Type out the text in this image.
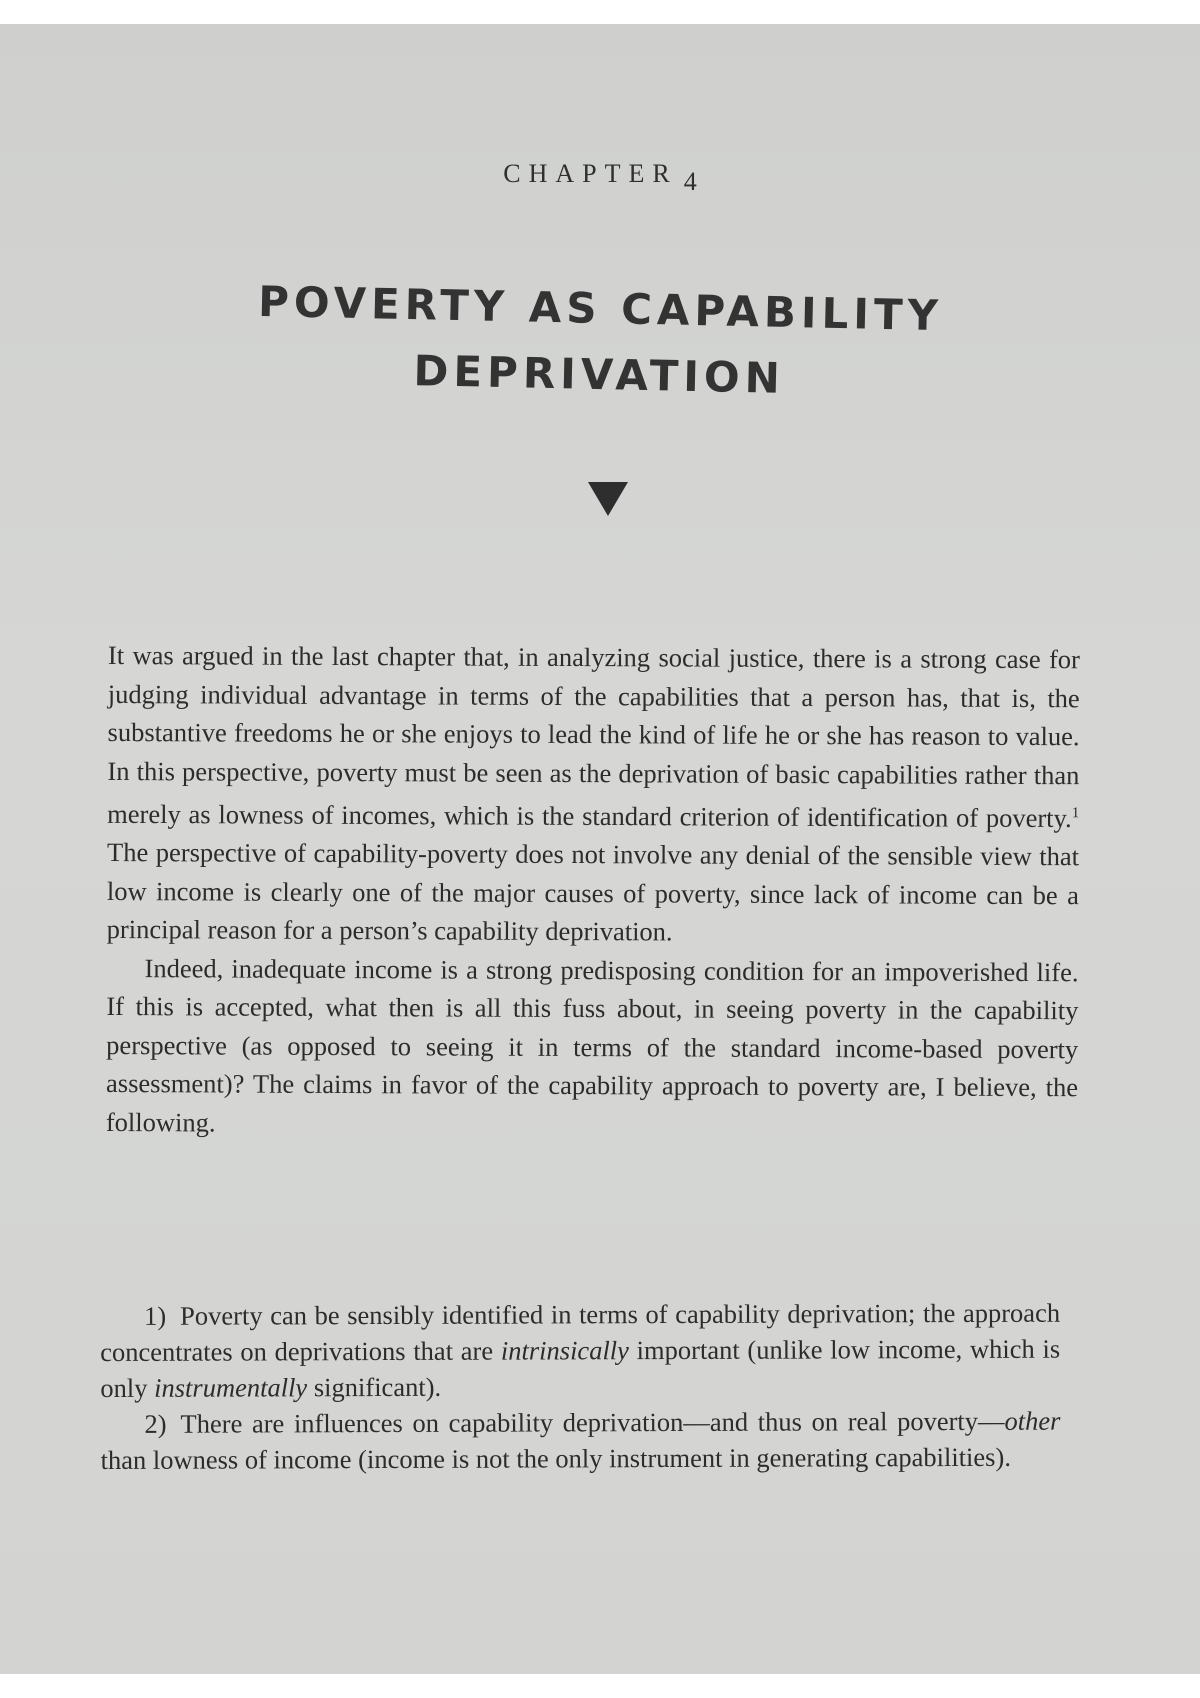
CHAPTER 4
POVERTY AS CAPABILITY
DEPRIVATION

It was argued in the last chapter that, in analyzing social justice, there is a strong case for judging individual advantage in terms of the capabilities that a person has, that is, the substantive freedoms he or she enjoys to lead the kind of life he or she has reason to value. In this perspective, poverty must be seen as the deprivation of basic capabilities rather than merely as lowness of incomes, which is the standard criterion of identification of poverty.$^1$ The perspective of capability-poverty does not involve any denial of the sensible view that low income is clearly one of the major causes of poverty, since lack of income can be a principal reason for a person’s capability deprivation.

Indeed, inadequate income is a strong predisposing condition for an impoverished life. If this is accepted, what then is all this fuss about, in seeing poverty in the capability perspective (as opposed to seeing it in terms of the standard income-based poverty assessment)? The claims in favor of the capability approach to poverty are, I believe, the following.

1) Poverty can be sensibly identified in terms of capability deprivation; the approach concentrates on deprivations that are intrinsically important (unlike low income, which is only instrumentally significant).

2) There are influences on capability deprivation—and thus on real poverty—other than lowness of income (income is not the only instrument in generating capabilities).
